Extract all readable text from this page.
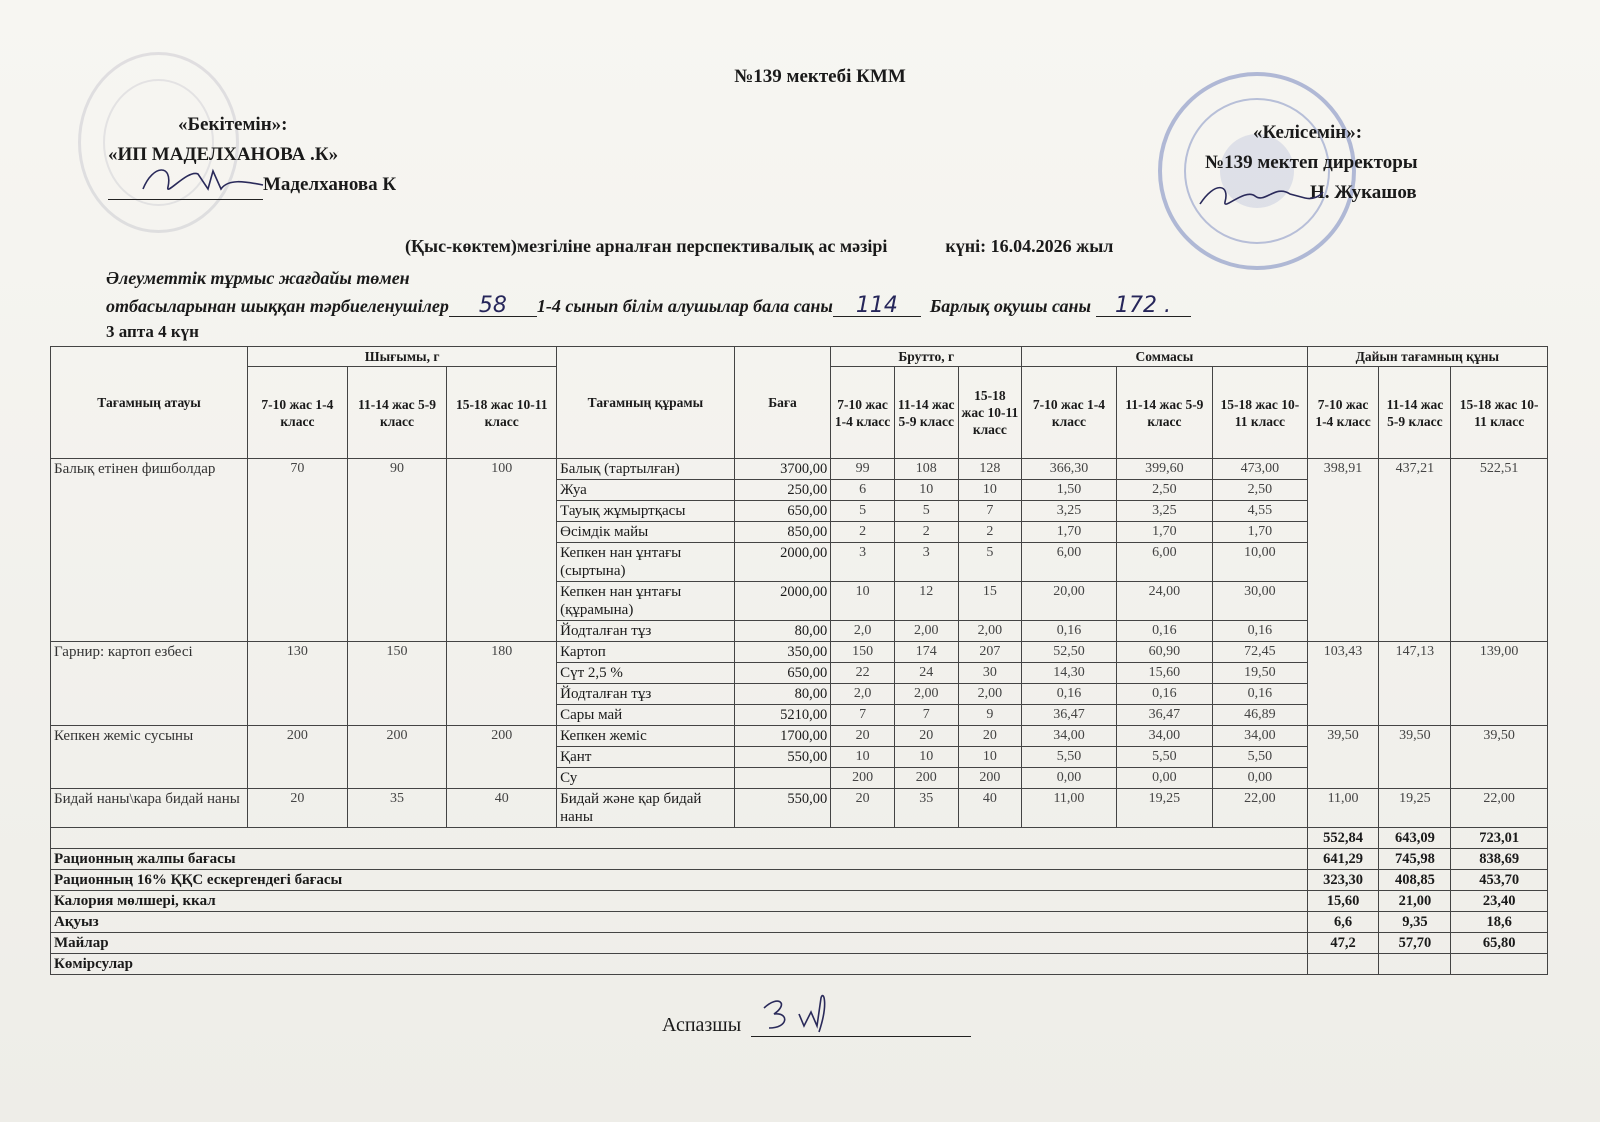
№139 мектебі КММ
«Бекітемін»:
«ИП МАДЕЛХАНОВА .К»
Маделханова К
«Келісемін»:
№139 мектеп директоры
Н. Жукашов
(Қыс-көктем)мезгіліне арналған перспективалық ас мәзірі	күні: 16.04.2026 жыл
Әлеуметтік тұрмыс жағдайы төмен
отбасыларынан шыққан тәрбиеленушілер 58 1-4 сынып білім алушылар бала саны 114 Барлық оқушы саны 172 .
3 апта 4 күн
Тағамның атауы	Шығымы, г			Тағамның құрамы	Баға	Брутто, г			Соммасы			Дайын тағамның құны		
	7-10 жас 1-4 класс	11-14 жас 5-9 класс	15-18 жас 10-11 класс			7-10 жас 1-4 класс	11-14 жас 5-9 класс	15-18 жас 10-11 класс	7-10 жас 1-4 класс	11-14 жас 5-9 класс	15-18 жас 10-11 класс	7-10 жас 1-4 класс	11-14 жас 5-9 класс	15-18 жас 10-11 класс
Балық етінен фишболдар	70	90	100	Балық (тартылған)	3700,00	99	108	128	366,30	399,60	473,00	398,91	437,21	522,51
				Жуа	250,00	6	10	10	1,50	2,50	2,50			
				Тауық жұмыртқасы	650,00	5	5	7	3,25	3,25	4,55			
				Өсімдік майы	850,00	2	2	2	1,70	1,70	1,70			
				Кепкен нан ұнтағы (сыртына)	2000,00	3	3	5	6,00	6,00	10,00			
				Кепкен нан ұнтағы (құрамына)	2000,00	10	12	15	20,00	24,00	30,00			
				Йодталған тұз	80,00	2,0	2,00	2,00	0,16	0,16	0,16			
Гарнир: картоп езбесі	130	150	180	Картоп	350,00	150	174	207	52,50	60,90	72,45	103,43	147,13	139,00
				Сүт 2,5 %	650,00	22	24	30	14,30	15,60	19,50			
				Йодталған тұз	80,00	2,0	2,00	2,00	0,16	0,16	0,16			
				Сары май	5210,00	7	7	9	36,47	36,47	46,89			
Кепкен жеміс сусыны	200	200	200	Кепкен жеміс	1700,00	20	20	20	34,00	34,00	34,00	39,50	39,50	39,50
				Қант	550,00	10	10	10	5,50	5,50	5,50			
				Су		200	200	200	0,00	0,00	0,00			
Бидай наны\кара бидай наны	20	35	40	Бидай және қар бидай наны	550,00	20	35	40	11,00	19,25	22,00	11,00	19,25	22,00
												552,84	643,09	723,01
Рационның жалпы бағасы												641,29	745,98	838,69
Рационның 16% ҚҚС ескергендегі бағасы												323,30	408,85	453,70
Калория мөлшері, ккал												15,60	21,00	23,40
Ақуыз												6,6	9,35	18,6
Майлар												47,2	57,70	65,80
Көмірсулар														
Аспазшы
